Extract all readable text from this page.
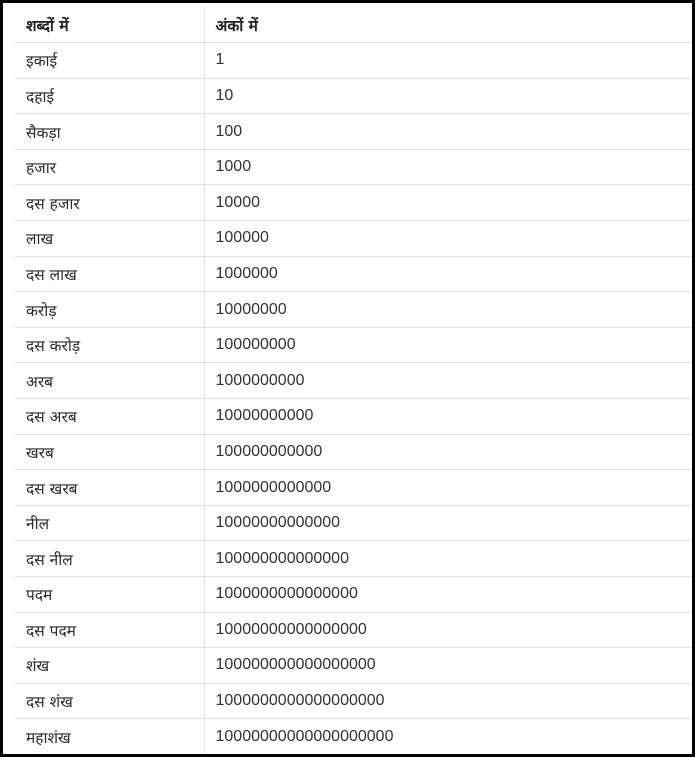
शब्दों में	अंकों में
इकाई	1
दहाई	10
सैकड़ा	100
हजार	1000
दस हजार	10000
लाख	100000
दस लाख	1000000
करोड़	10000000
दस करोड़	100000000
अरब	1000000000
दस अरब	10000000000
खरब	100000000000
दस खरब	1000000000000
नील	10000000000000
दस नील	100000000000000
पदम	1000000000000000
दस पदम	10000000000000000
शंख	100000000000000000
दस शंख	1000000000000000000
महाशंख	10000000000000000000
